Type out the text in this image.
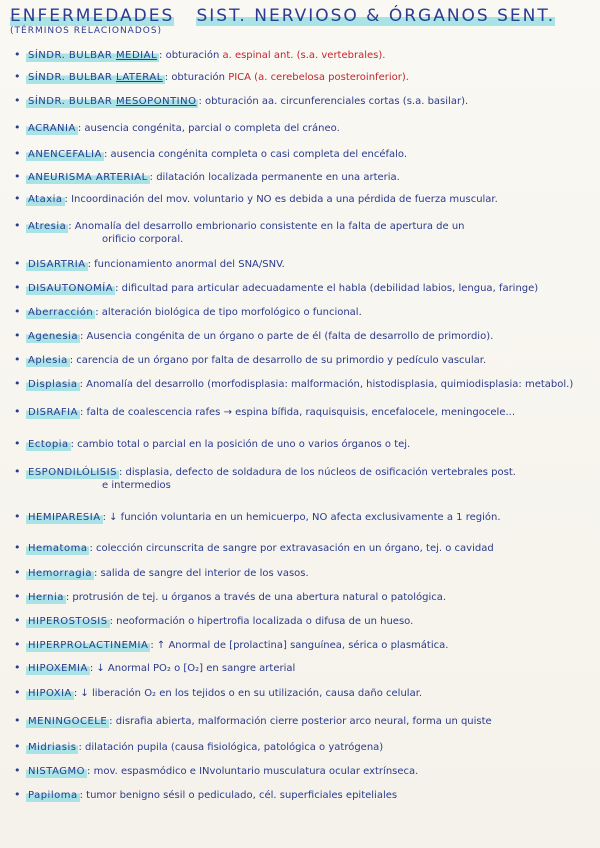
ENFERMEDADES SIST. NERVIOSO & ÓRGANOS SENT.
(TÉRMINOS RELACIONADOS)
• SÍNDR. BULBAR MEDIAL : obturación a. espinal ant. (s.a. vertebrales).
• SÍNDR. BULBAR LATERAL : obturación PICA (a. cerebelosa posteroinferior).
• SÍNDR. BULBAR MESOPONTINO : obturación aa. circunferenciales cortas (s.a. basilar).
• ACRANIA : ausencia congénita, parcial o completa del cráneo.
• ANENCEFALIA : ausencia congénita completa o casi completa del encéfalo.
• ANEURISMA ARTERIAL : dilatación localizada permanente en una arteria.
• Ataxia : Incoordinación del mov. voluntario y NO es debida a una pérdida de fuerza muscular.
• Atresia : Anomalía del desarrollo embrionario consistente en la falta de apertura de un
orificio corporal.
• DISARTRIA : funcionamiento anormal del SNA/SNV.
• DISAUTONOMÍA : dificultad para articular adecuadamente el habla (debilidad labios, lengua, faringe)
• Aberracción : alteración biológica de tipo morfológico o funcional.
• Agenesia : Ausencia congénita de un órgano o parte de él (falta de desarrollo de primordio).
• Aplesia : carencia de un órgano por falta de desarrollo de su primordio y pedículo vascular.
• Displasia : Anomalía del desarrollo (morfodisplasia: malformación, histodisplasia, quimiodisplasia: metabol.)
• DISRAFIA : falta de coalescencia rafes → espina bífida, raquisquisis, encefalocele, meningocele...
• Ectopia : cambio total o parcial en la posición de uno o varios órganos o tej.
• ESPONDILÓLISIS : displasia, defecto de soldadura de los núcleos de osificación vertebrales post.
e intermedios
• HEMIPARESIA : ↓ función voluntaria en un hemicuerpo, NO afecta exclusivamente a 1 región.
• Hematoma : colección circunscrita de sangre por extravasación en un órgano, tej. o cavidad
• Hemorragia : salida de sangre del interior de los vasos.
• Hernia : protrusión de tej. u órganos a través de una abertura natural o patológica.
• HIPEROSTOSIS : neoformación o hipertrofia localizada o difusa de un hueso.
• HIPERPROLACTINEMIA : ↑ Anormal de [prolactina] sanguínea, sérica o plasmática.
• HIPOXEMIA : ↓ Anormal PO₂ o [O₂] en sangre arterial
• HIPOXIA : ↓ liberación O₂ en los tejidos o en su utilización, causa daño celular.
• MENINGOCELE : disrafia abierta, malformación cierre posterior arco neural, forma un quiste
• Midriasis : dilatación pupila (causa fisiológica, patológica o yatrógena)
• NISTAGMO : mov. espasmódico e INvoluntario musculatura ocular extrínseca.
• Papiloma : tumor benigno sésil o pediculado, cél. superficiales epiteliales
